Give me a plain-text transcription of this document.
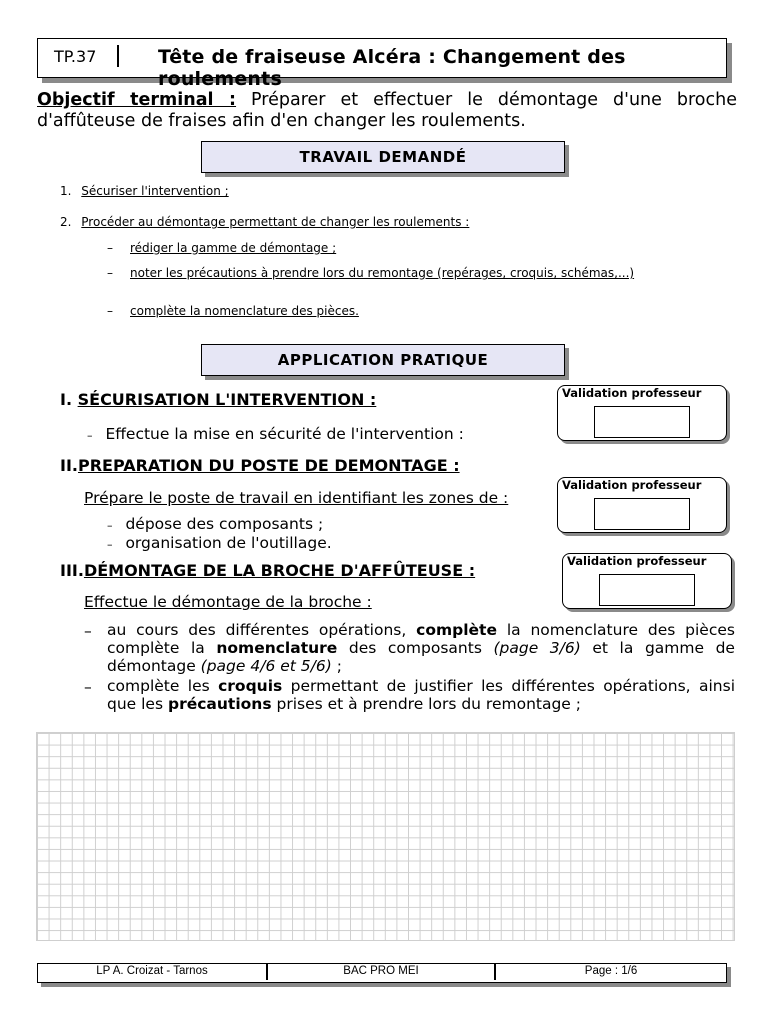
TP.37	Tête de fraiseuse Alcéra : Changement des roulements
Objectif terminal : Préparer et effectuer le démontage d'une broche d'affûteuse de fraises afin d'en changer les roulements.
TRAVAIL DEMANDÉ
1. Sécuriser l'intervention ;
2. Procéder au démontage permettant de changer les roulements :
– rédiger la gamme de démontage ;
– noter les précautions à prendre lors du remontage (repérages, croquis, schémas,...)
– complète la nomenclature des pièces.
APPLICATION PRATIQUE
I. SÉCURISATION L'INTERVENTION :
– Effectue la mise en sécurité de l'intervention :
Validation professeur
II.PREPARATION DU POSTE DE DEMONTAGE :
Prépare le poste de travail en identifiant les zones de :
– dépose des composants ;
– organisation de l'outillage.
Validation professeur
III.DÉMONTAGE DE LA BROCHE D'AFFÛTEUSE :
Effectue le démontage de la broche :
Validation professeur
– au cours des différentes opérations, complète la nomenclature des pièces complète la nomenclature des composants (page 3/6) et la gamme de démontage (page 4/6 et 5/6) ;
– complète les croquis permettant de justifier les différentes opérations, ainsi que les précautions prises et à prendre lors du remontage ;
LP A. Croizat - Tarnos	BAC PRO MEI	Page : 1/6
